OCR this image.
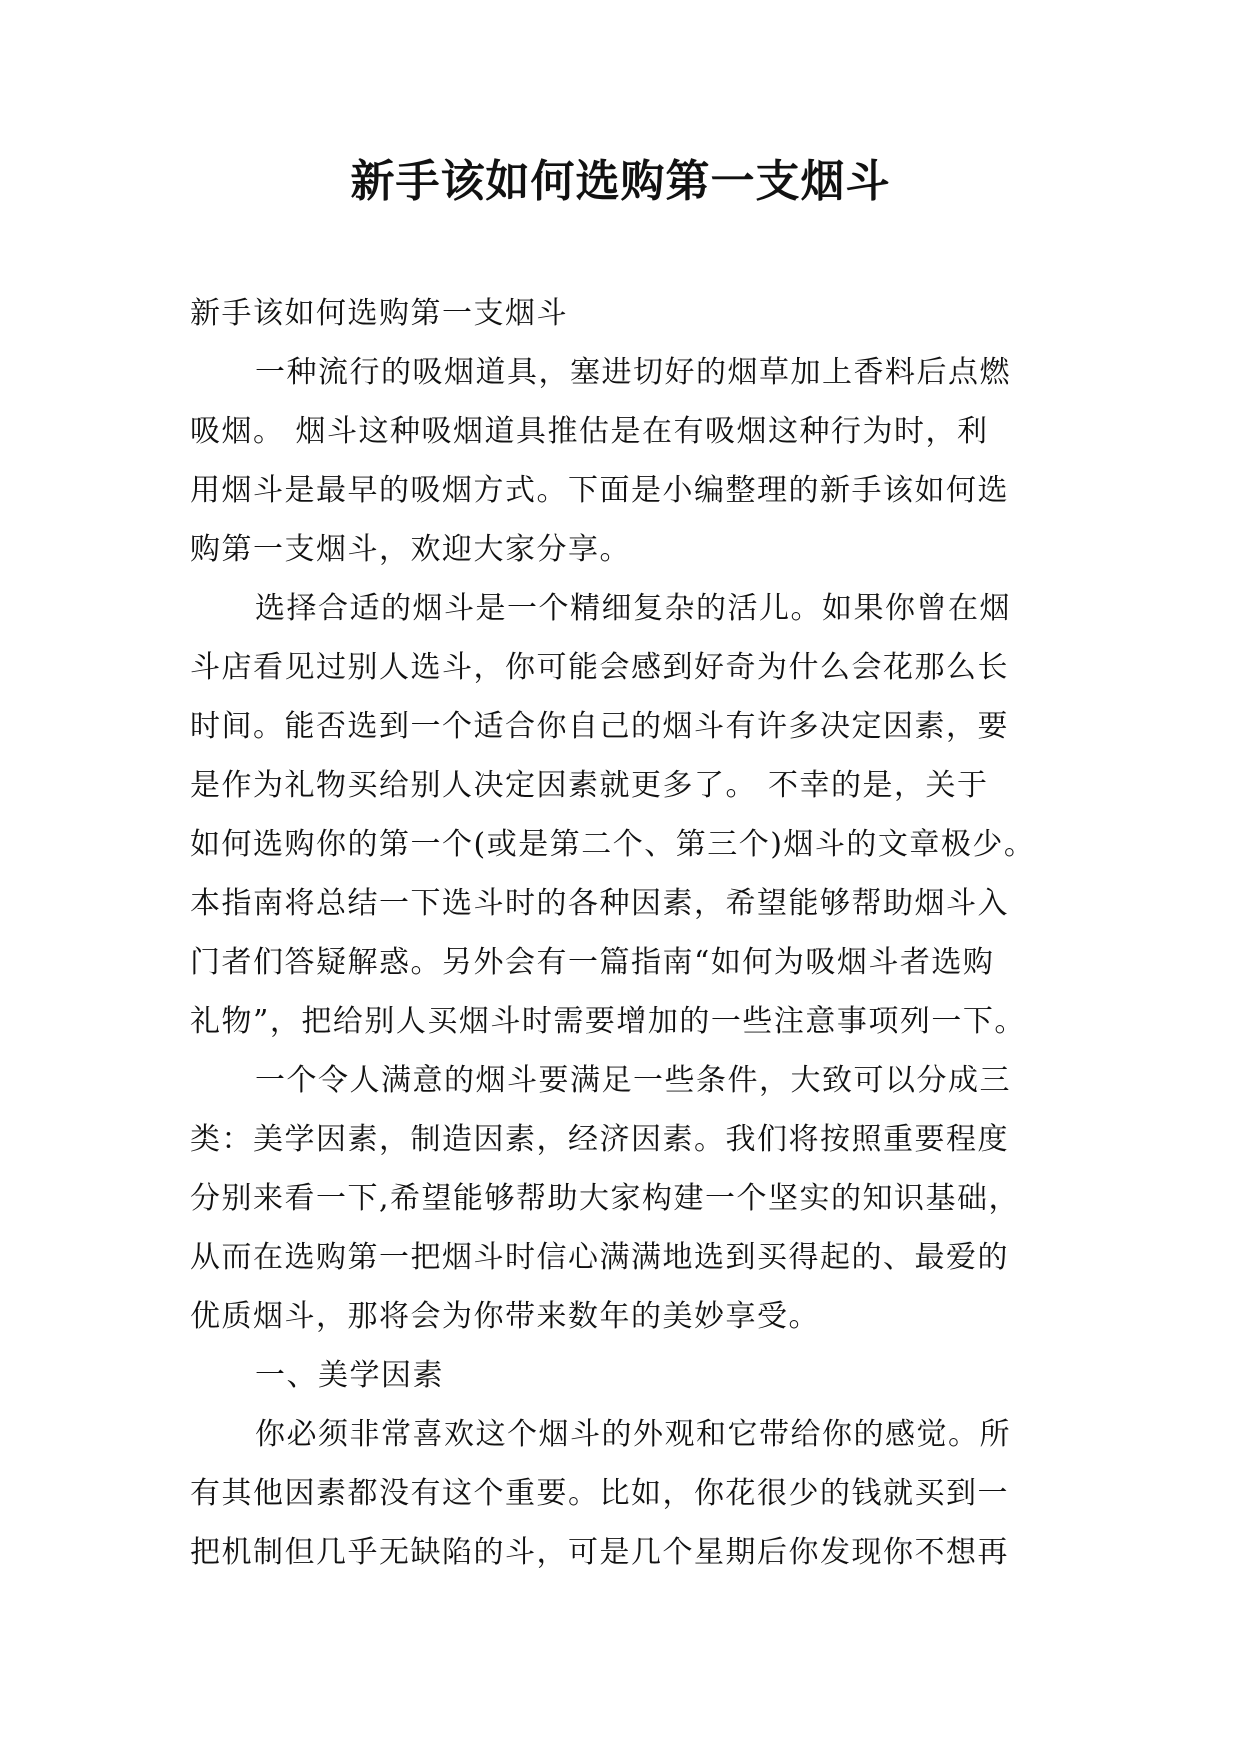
新手该如何选购第一支烟斗
新手该如何选购第一支烟斗
一种流行的吸烟道具，塞进切好的烟草加上香料后点燃
吸烟。 烟斗这种吸烟道具推估是在有吸烟这种行为时，利
用烟斗是最早的吸烟方式。下面是小编整理的新手该如何选
购第一支烟斗，欢迎大家分享。
选择合适的烟斗是一个精细复杂的活儿。如果你曾在烟
斗店看见过别人选斗，你可能会感到好奇为什么会花那么长
时间。能否选到一个适合你自己的烟斗有许多决定因素，要
是作为礼物买给别人决定因素就更多了。 不幸的是，关于
如何选购你的第一个(或是第二个、第三个)烟斗的文章极少。
本指南将总结一下选斗时的各种因素，希望能够帮助烟斗入
门者们答疑解惑。另外会有一篇指南“如何为吸烟斗者选购
礼物”，把给别人买烟斗时需要增加的一些注意事项列一下。
一个令人满意的烟斗要满足一些条件，大致可以分成三
类：美学因素，制造因素，经济因素。我们将按照重要程度
分别来看一下,希望能够帮助大家构建一个坚实的知识基础，
从而在选购第一把烟斗时信心满满地选到买得起的、最爱的
优质烟斗，那将会为你带来数年的美妙享受。
一、美学因素
你必须非常喜欢这个烟斗的外观和它带给你的感觉。所
有其他因素都没有这个重要。比如，你花很少的钱就买到一
把机制但几乎无缺陷的斗，可是几个星期后你发现你不想再
